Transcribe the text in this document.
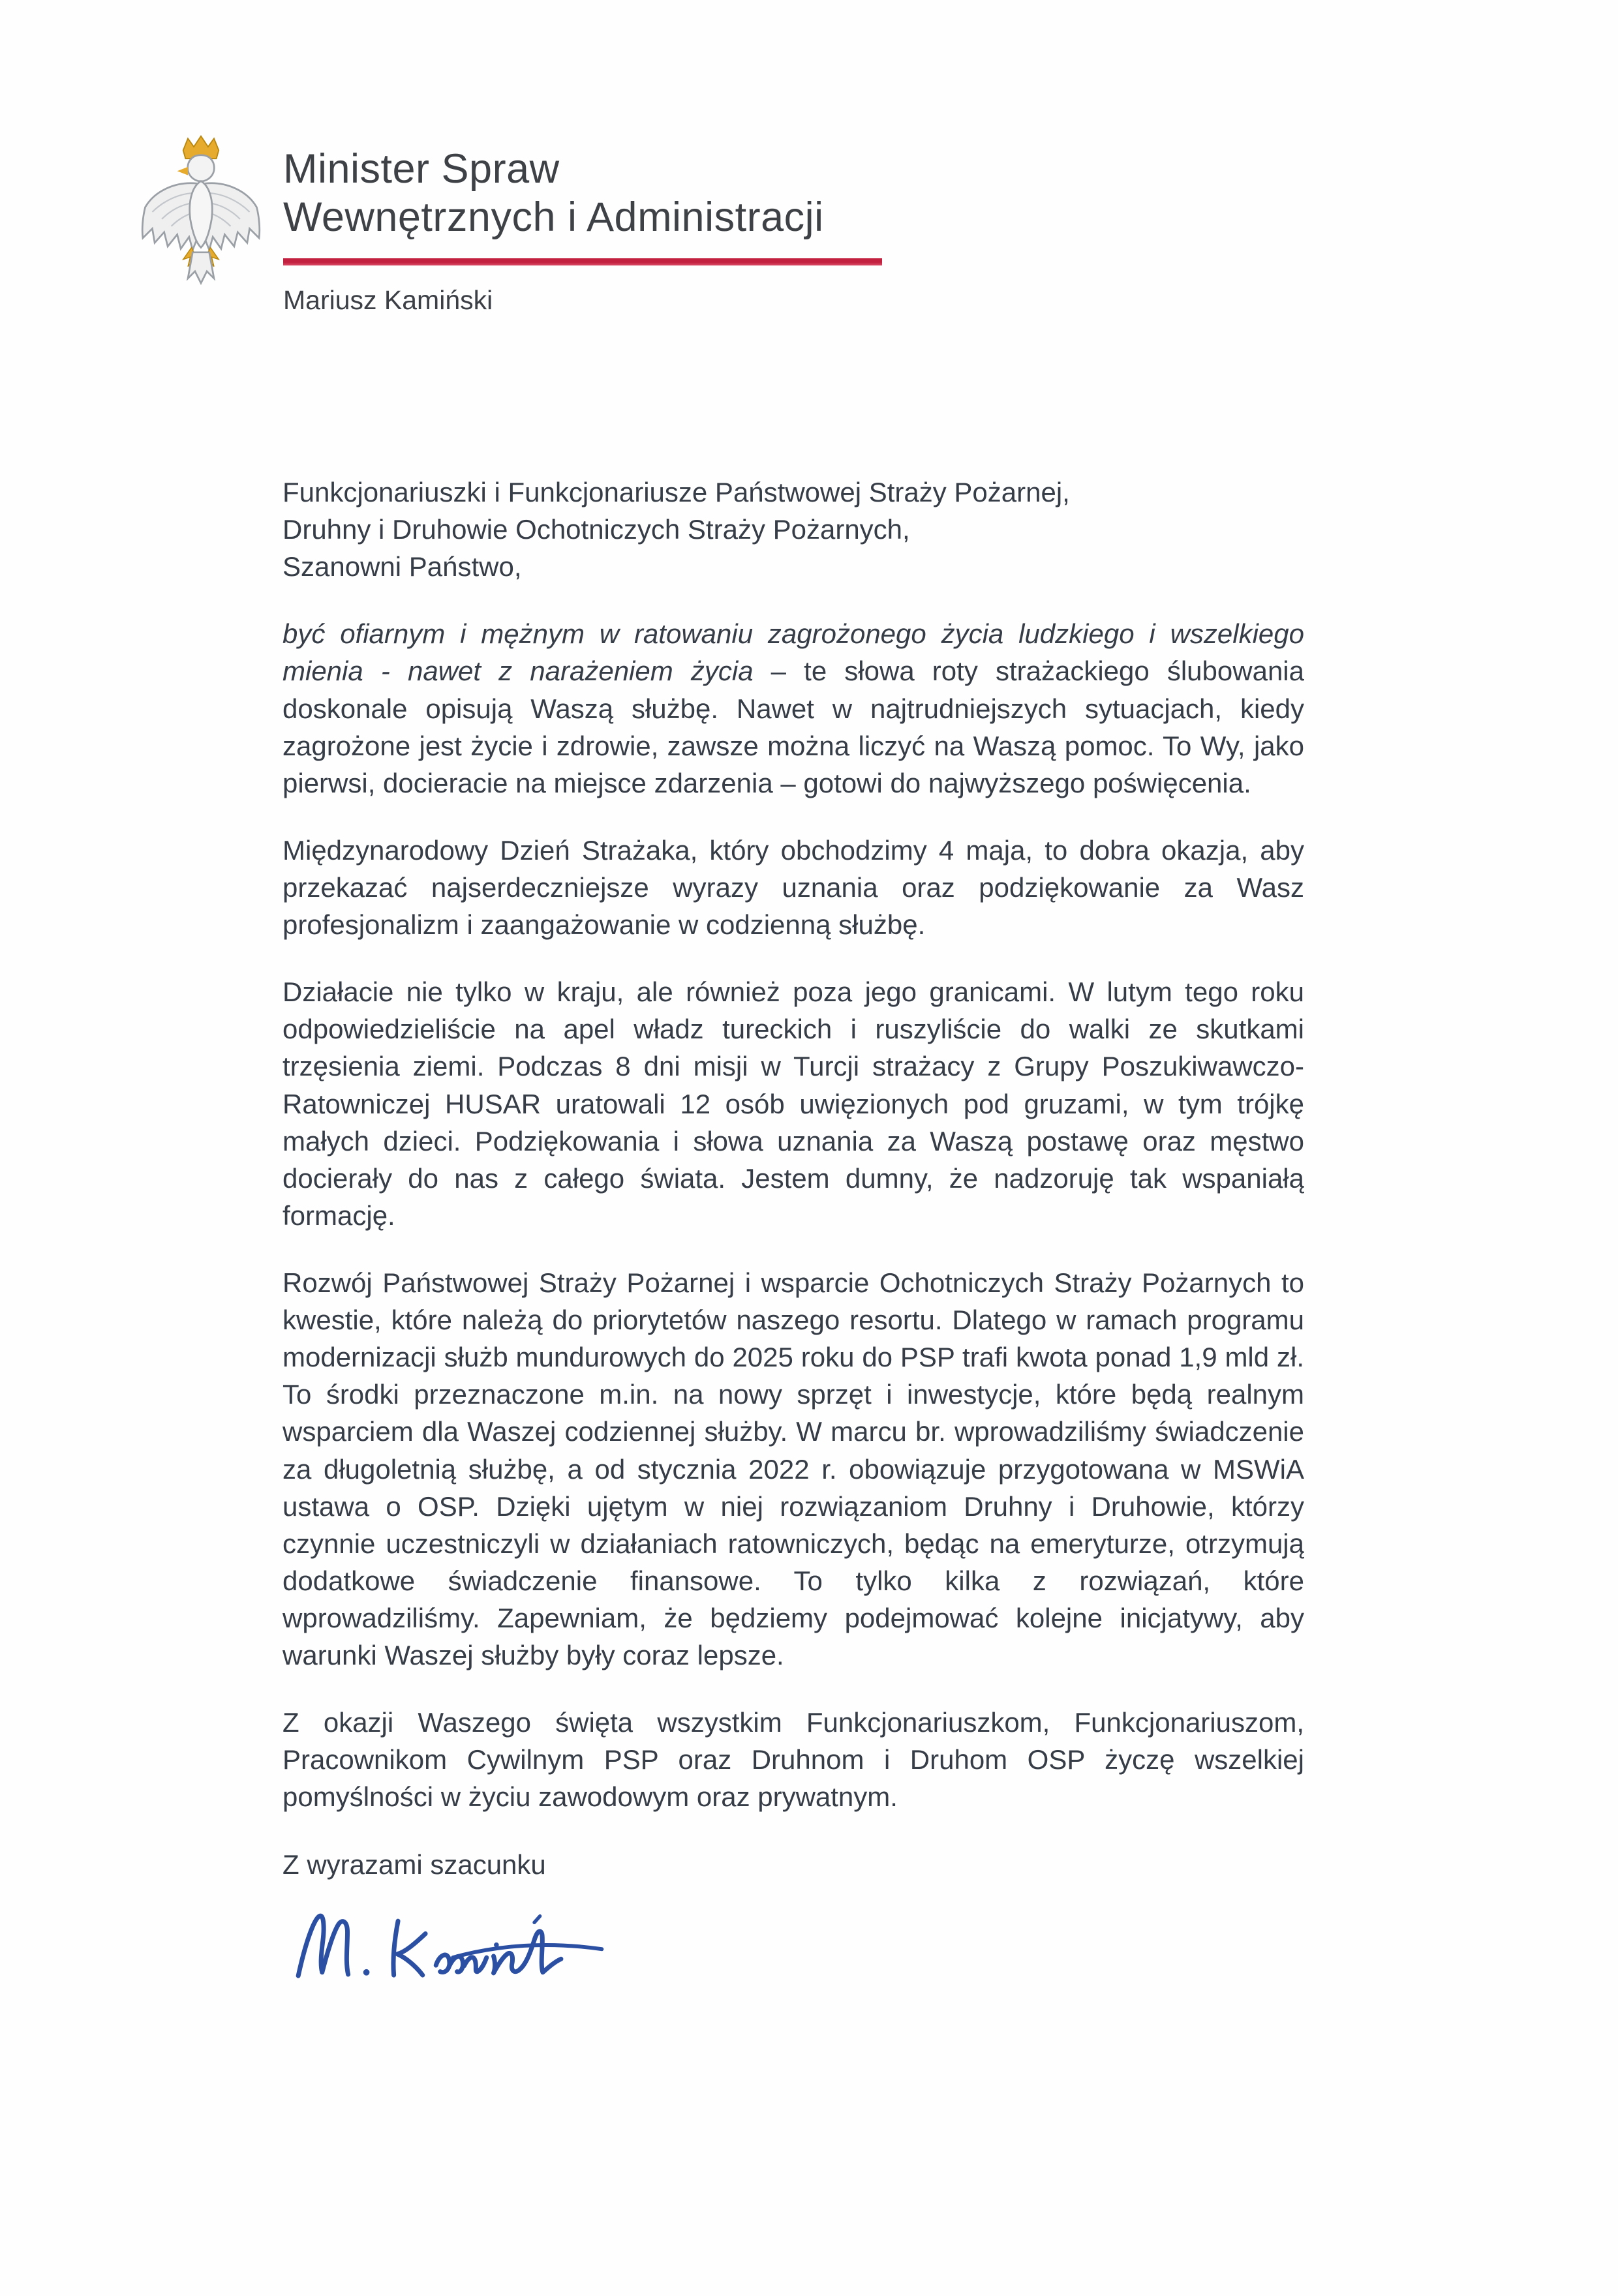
Minister Spraw
Wewnętrznych i Administracji
Mariusz Kamiński

Funkcjonariuszki i Funkcjonariusze Państwowej Straży Pożarnej,

Druhny i Druhowie Ochotniczych Straży Pożarnych,

Szanowni Państwo,

być ofiarnym i mężnym w ratowaniu zagrożonego życia ludzkiego i wszelkiego mienia - nawet z narażeniem życia – te słowa roty strażackiego ślubowania doskonale opisują Waszą służbę. Nawet w najtrudniejszych sytuacjach, kiedy zagrożone jest życie i zdrowie, zawsze można liczyć na Waszą pomoc. To Wy, jako pierwsi, docieracie na miejsce zdarzenia – gotowi do najwyższego poświęcenia.

Międzynarodowy Dzień Strażaka, który obchodzimy 4 maja, to dobra okazja, aby przekazać najserdeczniejsze wyrazy uznania oraz podziękowanie za Wasz profesjonalizm i zaangażowanie w codzienną służbę.

Działacie nie tylko w kraju, ale również poza jego granicami. W lutym tego roku odpowiedzieliście na apel władz tureckich i ruszyliście do walki ze skutkami trzęsienia ziemi. Podczas 8 dni misji w Turcji strażacy z Grupy Poszukiwawczo-Ratowniczej HUSAR uratowali 12 osób uwięzionych pod gruzami, w tym trójkę małych dzieci. Podziękowania i słowa uznania za Waszą postawę oraz męstwo docierały do nas z całego świata. Jestem dumny, że nadzoruję tak wspaniałą formację.

Rozwój Państwowej Straży Pożarnej i wsparcie Ochotniczych Straży Pożarnych to kwestie, które należą do priorytetów naszego resortu. Dlatego w ramach programu modernizacji służb mundurowych do 2025 roku do PSP trafi kwota ponad 1,9 mld zł. To środki przeznaczone m.in. na nowy sprzęt i inwestycje, które będą realnym wsparciem dla Waszej codziennej służby. W marcu br. wprowadziliśmy świadczenie za długoletnią służbę, a od stycznia 2022 r. obowiązuje przygotowana w MSWiA ustawa o OSP. Dzięki ujętym w niej rozwiązaniom Druhny i Druhowie, którzy czynnie uczestniczyli w działaniach ratowniczych, będąc na emeryturze, otrzymują dodatkowe świadczenie finansowe. To tylko kilka z rozwiązań, które wprowadziliśmy. Zapewniam, że będziemy podejmować kolejne inicjatywy, aby warunki Waszej służby były coraz lepsze.

Z okazji Waszego święta wszystkim Funkcjonariuszkom, Funkcjonariuszom, Pracownikom Cywilnym PSP oraz Druhnom i Druhom OSP życzę wszelkiej pomyślności w życiu zawodowym oraz prywatnym.

Z wyrazami szacunku
